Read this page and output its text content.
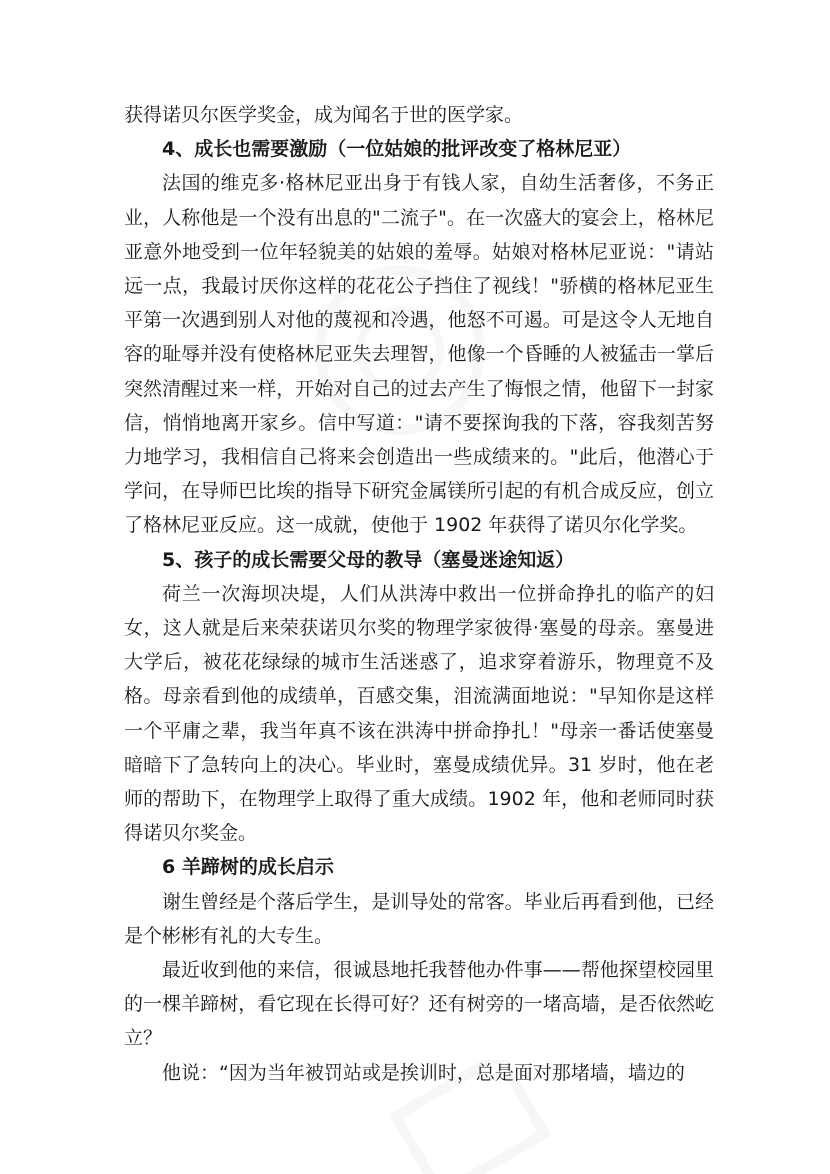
获得诺贝尔医学奖金，成为闻名于世的医学家。

4、成长也需要激励（一位姑娘的批评改变了格林尼亚）

法国的维克多·格林尼亚出身于有钱人家，自幼生活奢侈，不务正业，人称他是一个没有出息的"二流子"。在一次盛大的宴会上，格林尼亚意外地受到一位年轻貌美的姑娘的羞辱。姑娘对格林尼亚说："请站远一点，我最讨厌你这样的花花公子挡住了视线！"骄横的格林尼亚生平第一次遇到别人对他的蔑视和冷遇，他怒不可遏。可是这令人无地自容的耻辱并没有使格林尼亚失去理智，他像一个昏睡的人被猛击一掌后突然清醒过来一样，开始对自己的过去产生了悔恨之情，他留下一封家信，悄悄地离开家乡。信中写道："请不要探询我的下落，容我刻苦努力地学习，我相信自己将来会创造出一些成绩来的。"此后，他潜心于学问，在导师巴比埃的指导下研究金属镁所引起的有机合成反应，创立了格林尼亚反应。这一成就，使他于 1902 年获得了诺贝尔化学奖。

5、孩子的成长需要父母的教导（塞曼迷途知返）

荷兰一次海坝决堤，人们从洪涛中救出一位拼命挣扎的临产的妇女，这人就是后来荣获诺贝尔奖的物理学家彼得·塞曼的母亲。塞曼进大学后，被花花绿绿的城市生活迷惑了，追求穿着游乐，物理竟不及格。母亲看到他的成绩单，百感交集，泪流满面地说："早知你是这样一个平庸之辈，我当年真不该在洪涛中拼命挣扎！"母亲一番话使塞曼暗暗下了急转向上的决心。毕业时，塞曼成绩优异。31 岁时，他在老师的帮助下，在物理学上取得了重大成绩。1902 年，他和老师同时获得诺贝尔奖金。

6 羊蹄树的成长启示

谢生曾经是个落后学生，是训导处的常客。毕业后再看到他，已经是个彬彬有礼的大专生。

最近收到他的来信，很诚恳地托我替他办件事——帮他探望校园里的一棵羊蹄树，看它现在长得可好？还有树旁的一堵高墙，是否依然屹立？

他说：“因为当年被罚站或是挨训时，总是面对那堵墙，墙边的
